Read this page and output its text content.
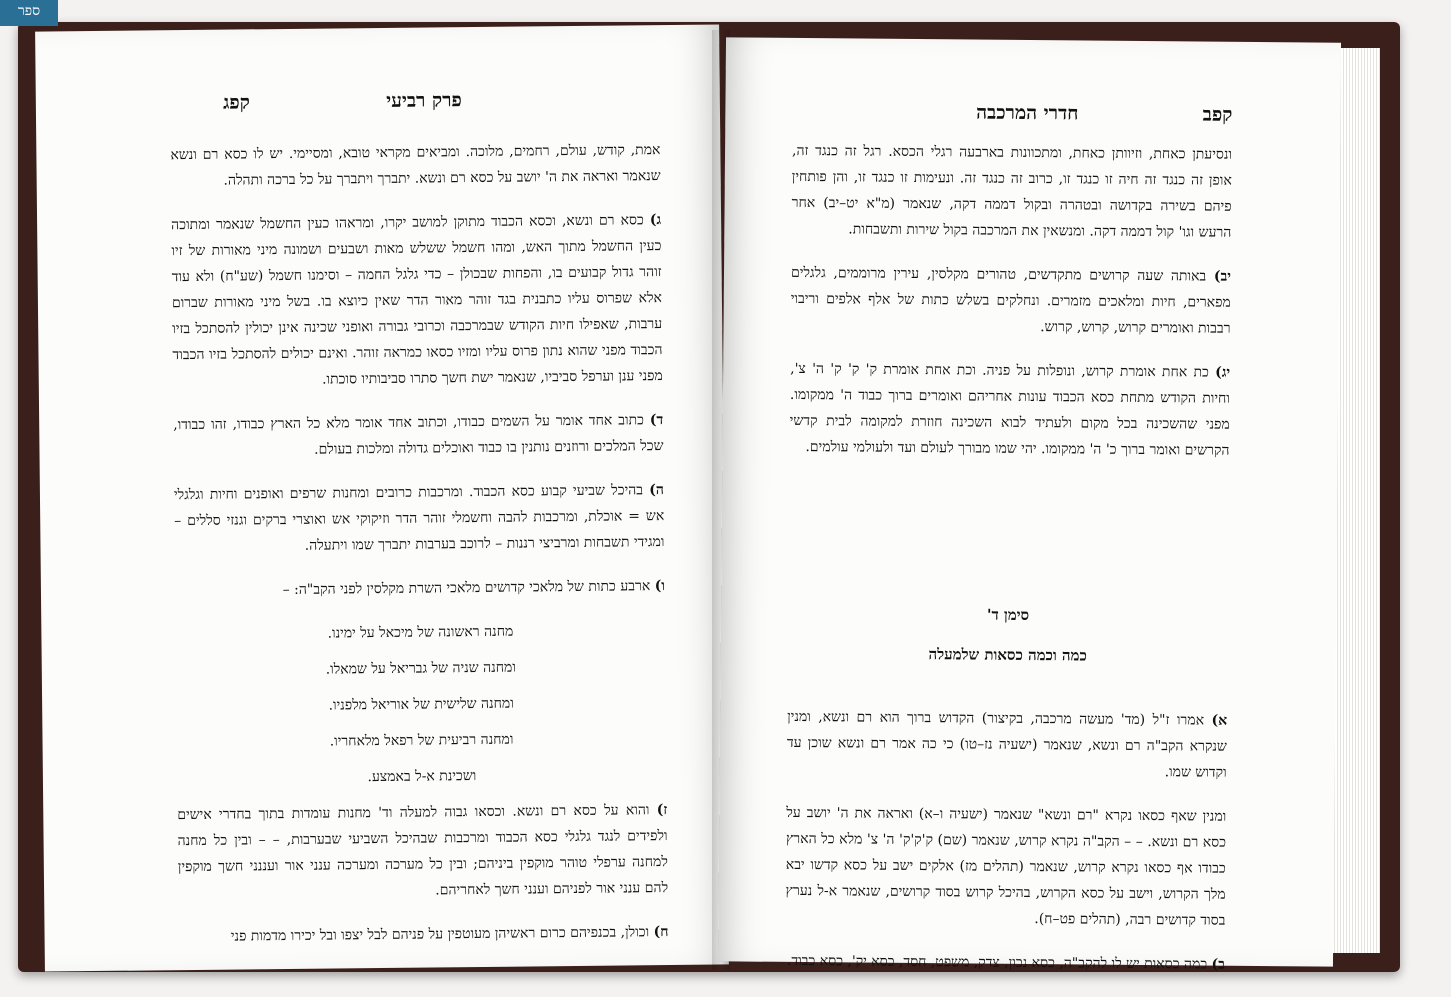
ספר
קפג	פרק רביעי

אמת, קודש, עולם, רחמים, מלוכה. ומביאים מקראי טובא, ומסיימי. יש לו כסא רם ונשא שנאמר ואראה את ה' יושב על כסא רם ונשא. יתברך ויתברך על כל ברכה ותהלה.

ג) כסא רם ונשא, וכסא הכבוד מתוקן למושב יקרו, ומראהו כעין החשמל שנאמר ומתוכה כעין החשמל מתוך האש, ומהו חשמל ששלש מאות ושבעים ושמונה מיני מאורות של זיו זוהר גדול קבועים בו, והפחות שבכולן – כדי גלגל החמה – וסימנו חשמל (שע"ח) ולא עוד אלא שפרוס עליו כתבנית בגד זוהר מאור הדר שאין כיוצא בו. בשל מיני מאורות שברום ערבות, שאפילו חיות הקודש שבמרכבה וכרובי גבורה ואופני שכינה אינן יכולין להסתכל בזיו הכבוד מפני שהוא נתון פרוס עליו ומזיו כסאו כמראה זוהר. ואינם יכולים להסתכל בזיו הכבוד מפני ענן וערפל סביביו, שנאמר ישת חשך סתרו סביבותיו סוכתו.

ד) כתוב אחד אומר על השמים כבודו, וכתוב אחד אומר מלא כל הארץ כבודו, זהו כבודו, שכל המלכים ורוזנים נותנין בו כבוד ואוכלים גדולה ומלכות בעולם.

ה) בהיכל שביעי קבוע כסא הכבוד. ומרכבות כרובים ומחנות שרפים ואופנים וחיות וגלגלי אש = אוכלת, ומרכבות להבה וחשמלי זוהר הדר וזיקוקי אש ואוצרי ברקים וגנזי סללים – ומגידי תשבחות ומרביצי רננות – לרוכב בערבות יתברך שמו ויתעלה.

ו) ארבע כתות של מלאכי קדושים מלאכי השרת מקלסין לפני הקב"ה: –

מחנה ראשונה של מיכאל על ימינו.

ומחנה שניה של גבריאל על שמאלו.

ומחנה שלישית של אוריאל מלפניו.

ומחנה רביעית של רפאל מלאחריו.

ושכינת א-ל באמצע.

ז) והוא על כסא רם ונשא. וכסאו גבוה למעלה וד' מחנות עומדות בתוך בחדרי אישים ולפידים לנגד גלגלי כסא הכבוד ומרכבות שבהיכל השביעי שבערבות, – – ובין כל מחנה למחנה ערפלי טוהר מוקפין ביניהם; ובין כל מערכה ומערכה ענני אור ועננני חשך מוקפין להם ענני אור לפניהם וענני חשך לאחריהם.

ח) וכולן, בכנפיהם כרום ראשיהן מעוטפין על פניהם לבל יצפו ובל יכירו מדמות פני

קפב
חדרי המרכבה

ונסיעתן כאחת, וזיוותן כאחת, ומתכוונות בארבעה רגלי הכסא. רגל זה כנגד זה, אופן זה כנגד זה חיה זו כנגד זו, כרוב זה כנגד זה. ונעימות זו כנגד זו, והן פותחין פיהם בשירה בקדושה ובטהרה ובקול דממה דקה, שנאמר (מ"א יט–יב) אחר הרעש וגו' קול דממה דקה. ומנשאין את המרכבה בקול שירות ותשבחות.

יב) באותה שעה קרושים מתקדשים, טהורים מקלסין, עירין מרוממים, גלגלים מפארים, חיות ומלאכים מזמרים. ונחלקים בשלש כתות של אלף אלפים וריבוי רבבות ואומרים קרוש, קרוש, קרוש.

יג) כת אחת אומרת קרוש, ונופלות על פניה. וכת אחת אומרת ק' ק' ק' ה' צ', וחיות הקודש מתחת כסא הכבוד עונות אחריהם ואומרים ברוך כבוד ה' ממקומו. מפני שהשכינה בכל מקום ולעתיד לבוא השכינה חוזרת למקומה לבית קדשי הקרשים ואומר ברוך כ' ה' ממקומו. יהי שמו מבורך לעולם ועד ולעולמי עולמים.

סימן ד'
כמה וכמה כסאות שלמעלה

א) אמרו ז"ל (מד' מעשה מרכבה, בקיצור) הקדוש ברוך הוא רם ונשא, ומנין שנקרא הקב"ה רם ונשא, שנאמר (ישעיה נז–טו) כי כה אמר רם ונשא שוכן עד וקדוש שמו.

ומנין שאף כסאו נקרא "רם ונשא" שנאמר (ישעיה ו–א) ואראה את ה' יושב על כסא רם ונשא. – – הקב"ה נקרא קרוש, שנאמר (שם) ק'ק'ק' ה' צ' מלא כל הארץ כבודו אף כסאו נקרא קרוש, שנאמר (תהלים מז) אלקים ישב על כסא קדשו יבא מלך הקרוש, וישב על כסא הקרוש, בהיכל קרוש בסוד קרושים, שנאמר א-ל נערץ בסוד קדושים רבה, (תהלים פט–ח).

ב) כמה כסאות יש לו להקב"ה, כסא נכון, צדק, משפט, חסד, כסא יק', כסא כבוד.
